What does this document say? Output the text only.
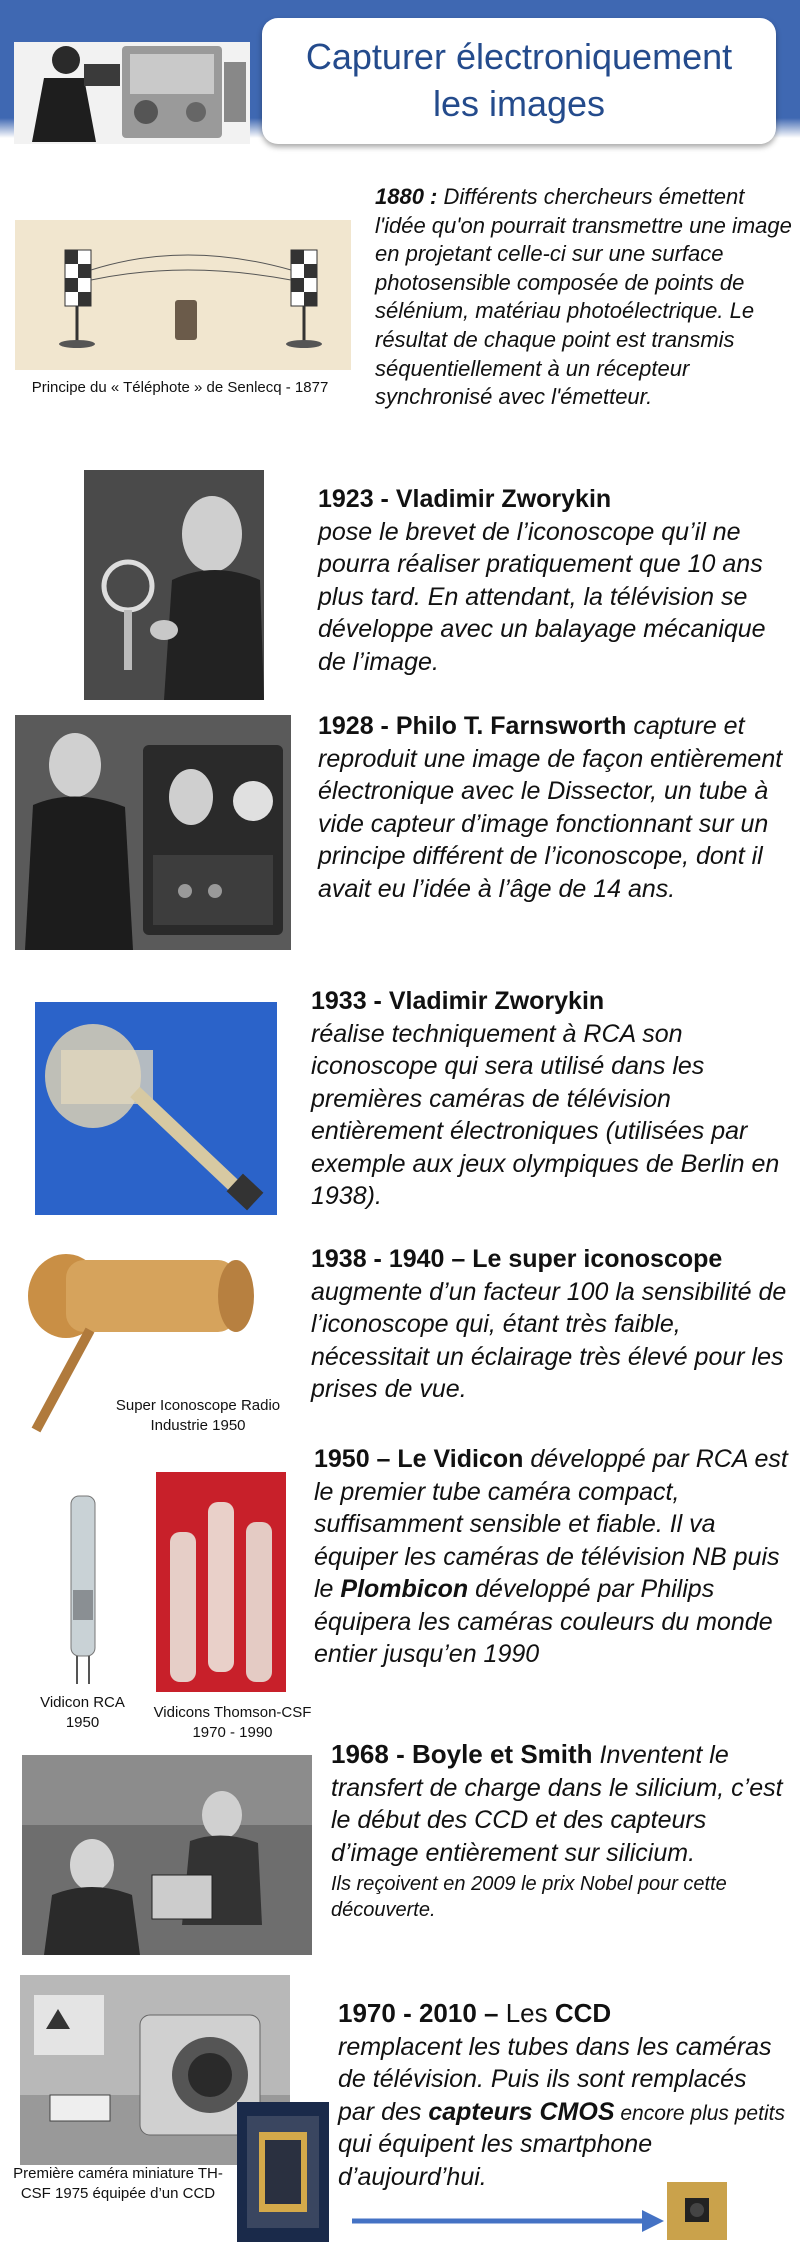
Capturer électroniquement les images
Principe du « Téléphote » de Senlecq - 1877
1880 : Différents chercheurs émettent l'idée qu'on pourrait transmettre une image en projetant celle-ci sur une surface photosensible composée de points de sélénium, matériau photoélectrique. Le résultat de chaque point est transmis séquentiellement à un récepteur synchronisé avec l'émetteur.
1923 - Vladimir Zworykin
pose le brevet de l’iconoscope qu’il ne pourra réaliser pratiquement que 10 ans plus tard. En attendant, la télévision se développe avec un balayage mécanique de l’image.
1928 - Philo T. Farnsworth capture et reproduit une image de façon entièrement électronique avec le Dissector, un tube à vide capteur d’image fonctionnant sur un principe différent de l’iconoscope, dont il avait eu l’idée à l’âge de 14 ans.
1933 - Vladimir Zworykin
réalise techniquement à RCA son iconoscope qui sera utilisé dans les premières caméras de télévision entièrement électroniques (utilisées par exemple aux jeux olympiques de Berlin en 1938).
Super Iconoscope Radio Industrie 1950
1938 - 1940 – Le super iconoscope
augmente d’un facteur 100 la sensibilité de l’iconoscope qui, étant très faible, nécessitait un éclairage très élevé pour les prises de vue.
Vidicon RCA 1950
Vidicons Thomson-CSF 1970 - 1990
1950 – Le Vidicon développé par RCA est le premier tube caméra compact, suffisamment sensible et fiable. Il va équiper les caméras de télévision NB puis le Plombicon développé par Philips équipera les caméras couleurs du monde entier jusqu’en 1990
1968 - Boyle et Smith Inventent le transfert de charge dans le silicium, c’est le début des CCD et des capteurs d’image entièrement sur silicium.
Ils reçoivent en 2009 le prix Nobel pour cette découverte.
Première caméra miniature TH-CSF 1975 équipée d’un CCD
1970 - 2010 – Les CCD
remplacent les tubes dans les caméras de télévision. Puis ils sont remplacés par des capteurs CMOS encore plus petits qui équipent les smartphone d’aujourd’hui.
